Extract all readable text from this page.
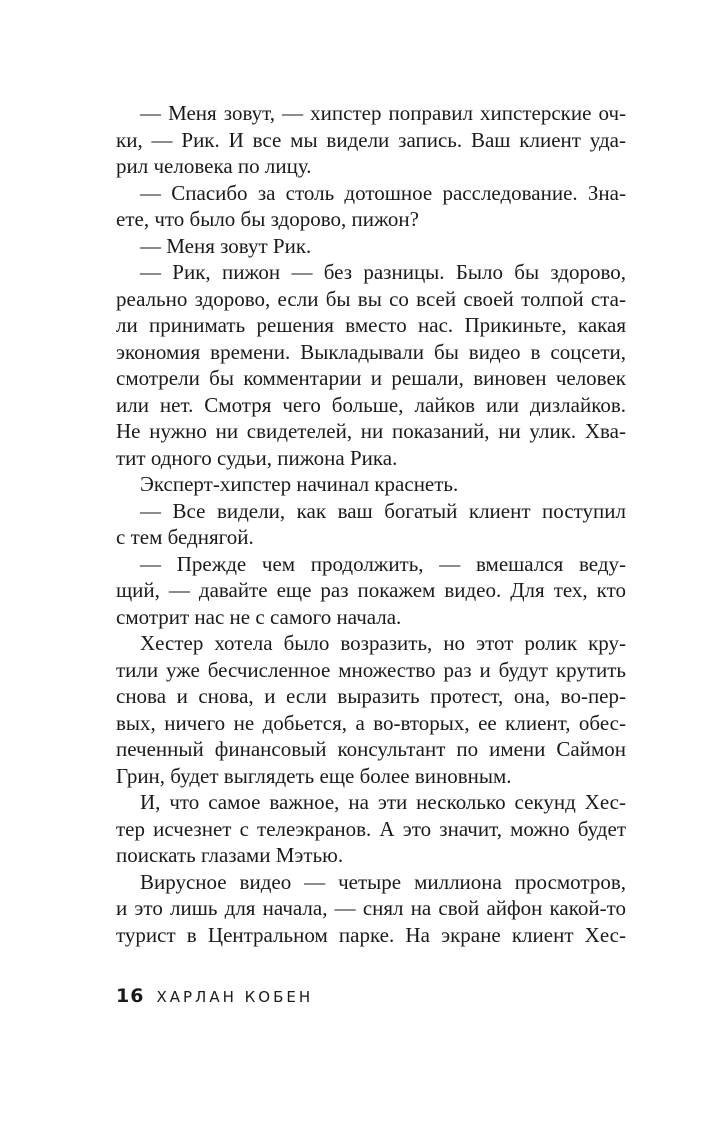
— Меня зовут, — хипстер поправил хипстерские оч-
ки, — Рик. И все мы видели запись. Ваш клиент уда-
рил человека по лицу.
— Спасибо за столь дотошное расследование. Зна-
ете, что было бы здорово, пижон?
— Меня зовут Рик.
— Рик, пижон — без разницы. Было бы здорово,
реально здорово, если бы вы со всей своей толпой ста-
ли принимать решения вместо нас. Прикиньте, какая
экономия времени. Выкладывали бы видео в соцсети,
смотрели бы комментарии и решали, виновен человек
или нет. Смотря чего больше, лайков или дизлайков.
Не нужно ни свидетелей, ни показаний, ни улик. Хва-
тит одного судьи, пижона Рика.
Эксперт-хипстер начинал краснеть.
— Все видели, как ваш богатый клиент поступил
с тем беднягой.
— Прежде чем продолжить, — вмешался веду-
щий, — давайте еще раз покажем видео. Для тех, кто
смотрит нас не с самого начала.
Хестер хотела было возразить, но этот ролик кру-
тили уже бесчисленное множество раз и будут крутить
снова и снова, и если выразить протест, она, во-пер-
вых, ничего не добьется, а во-вторых, ее клиент, обес-
печенный финансовый консультант по имени Саймон
Грин, будет выглядеть еще более виновным.
И, что самое важное, на эти несколько секунд Хес-
тер исчезнет с телеэкранов. А это значит, можно будет
поискать глазами Мэтью.
Вирусное видео — четыре миллиона просмотров,
и это лишь для начала, — снял на свой айфон какой-то
турист в Центральном парке. На экране клиент Хес-
16 ХАРЛАН КОБЕН
